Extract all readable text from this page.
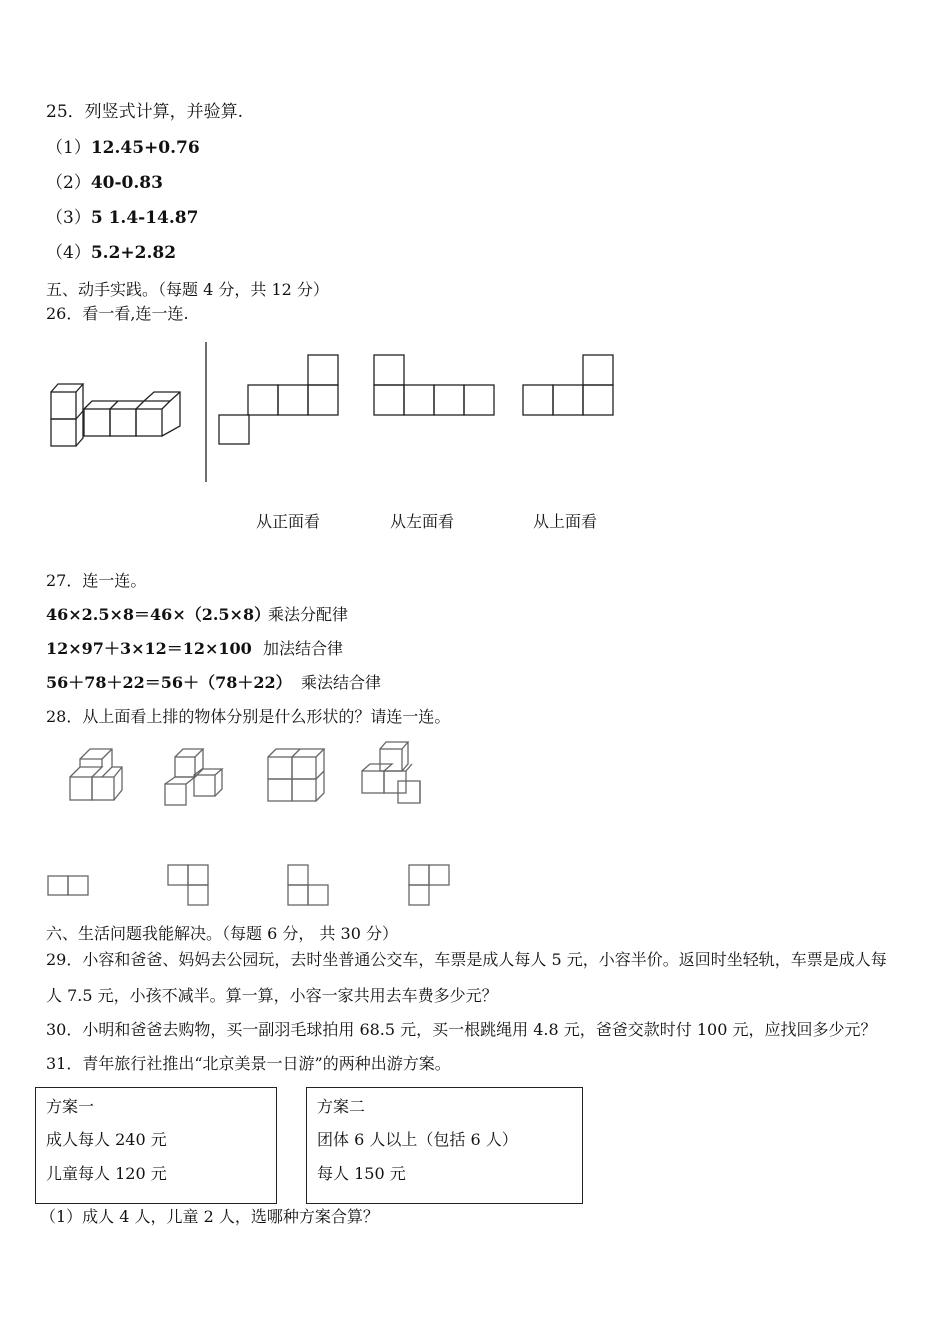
25．列竖式计算，并验算.
（1）12.45+0.76
（2）40-0.83
（3）5 1.4-14.87
（4）5.2+2.82
五、动手实践。（每题 4 分，共 12 分）
26．看一看,连一连.
从正面看	从左面看	从上面看
27．连一连。
46×2.5×8＝46×（2.5×8）
乘法分配律
12×97＋3×12＝12×100 加法结合律
56＋78＋22＝56＋（78＋22） 乘法结合律
28．从上面看上排的物体分别是什么形状的？请连一连。
六、生活问题我能解决。（每题 6 分， 共 30 分）
29．小容和爸爸、妈妈去公园玩，去时坐普通公交车，车票是成人每人 5 元，小容半价。返回时坐轻轨，车票是成人每
人 7.5 元，小孩不减半。算一算，小容一家共用去车费多少元？
30．小明和爸爸去购物，买一副羽毛球拍用 68.5 元，买一根跳绳用 4.8 元，爸爸交款时付 100 元，应找回多少元？
31．青年旅行社推出“北京美景一日游”的两种出游方案。
方案一
成人每人 240 元
儿童每人 120 元
方案二
团体 6 人以上（包括 6 人）
每人 150 元
（1）成人 4 人，儿童 2 人，选哪种方案合算？
